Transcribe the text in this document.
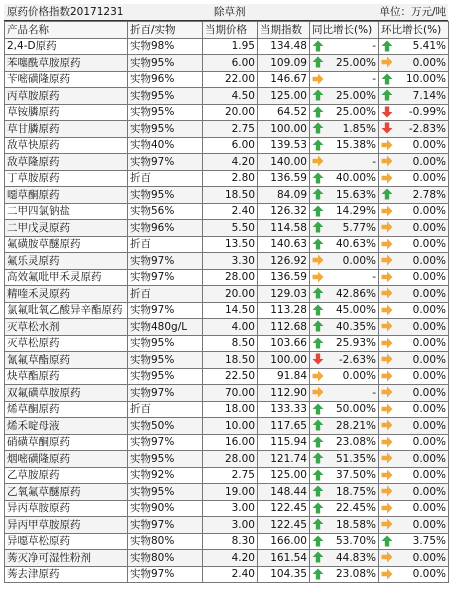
原药价格指数20171231	除草剂	单位：万元/吨
产品名称	折百/实物	当期价格	当期指数	同比增长(%)	环比增长(%)
2,4-D原药	实物98%	1.95	134.48	-	5.41%
苯噻酰草胺原药	实物95%	6.00	109.09	25.00%	0.00%
苄嘧磺隆原药	实物96%	22.00	146.67	-	10.00%
丙草胺原药	实物95%	4.50	125.00	25.00%	7.14%
草铵膦原药	实物95%	20.00	64.52	25.00%	-0.99%
草甘膦原药	实物95%	2.75	100.00	1.85%	-2.83%
敌草快原药	实物40%	6.00	139.53	15.38%	0.00%
敌草隆原药	实物97%	4.20	140.00	-	0.00%
丁草胺原药	折百	2.80	136.59	40.00%	0.00%
噁草酮原药	实物95%	18.50	84.09	15.63%	2.78%
二甲四氯钠盐	实物56%	2.40	126.32	14.29%	0.00%
二甲戊灵原药	实物96%	5.50	114.58	5.77%	0.00%
氟磺胺草醚原药	折百	13.50	140.63	40.63%	0.00%
氟乐灵原药	实物97%	3.30	126.92	0.00%	0.00%
高效氟吡甲禾灵原药	实物97%	28.00	136.59	-	0.00%
精喹禾灵原药	折百	20.00	129.03	42.86%	0.00%
氯氟吡氧乙酸异辛酯原药	实物97%	14.50	113.28	45.00%	0.00%
灭草松水剂	实物480g/L	4.00	112.68	40.35%	0.00%
灭草松原药	实物95%	8.50	103.66	25.93%	0.00%
氰氟草酯原药	实物95%	18.50	100.00	-2.63%	0.00%
炔草酯原药	实物95%	22.50	91.84	0.00%	0.00%
双氟磺草胺原药	实物97%	70.00	112.90	-	0.00%
烯草酮原药	折百	18.00	133.33	50.00%	0.00%
烯禾啶母液	实物50%	10.00	117.65	28.21%	0.00%
硝磺草酮原药	实物97%	16.00	115.94	23.08%	0.00%
烟嘧磺隆原药	实物95%	28.00	121.74	51.35%	0.00%
乙草胺原药	实物92%	2.75	125.00	37.50%	0.00%
乙氧氟草醚原药	实物95%	19.00	148.44	18.75%	0.00%
异丙草胺原药	实物90%	3.00	122.45	22.45%	0.00%
异丙甲草胺原药	实物97%	3.00	122.45	18.58%	0.00%
异噁草松原药	实物80%	8.30	166.00	53.70%	3.75%
莠灭净可湿性粉剂	实物80%	4.20	161.54	44.83%	0.00%
莠去津原药	实物97%	2.40	104.35	23.08%	0.00%
